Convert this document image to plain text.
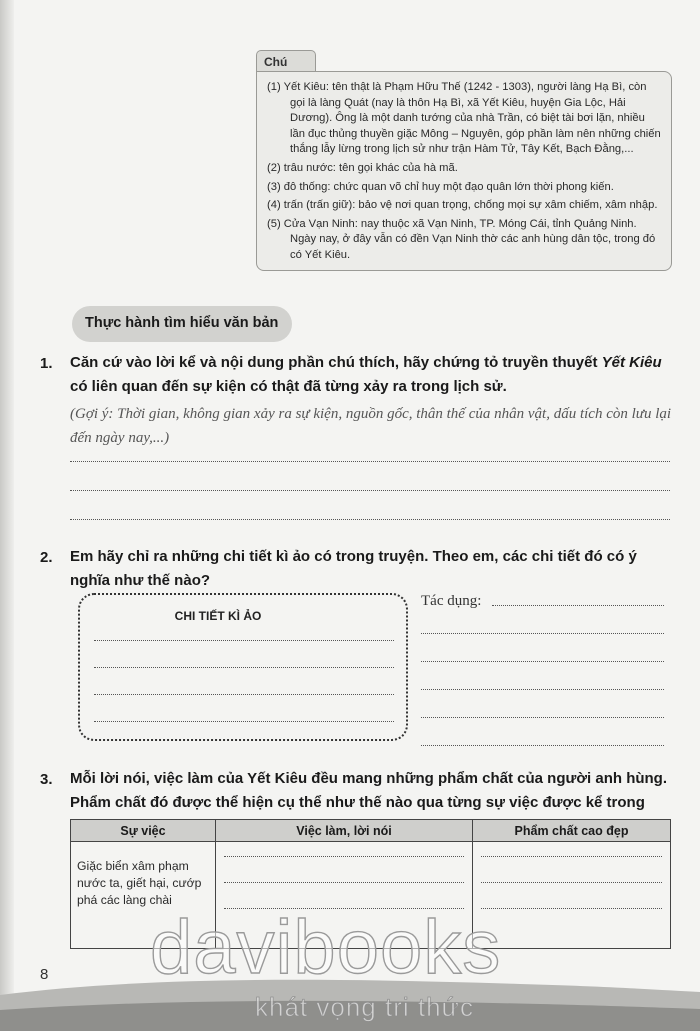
Chú

(1) Yết Kiêu: tên thật là Phạm Hữu Thế (1242 - 1303), người làng Hạ Bì, còn gọi là làng Quát (nay là thôn Hạ Bì, xã Yết Kiêu, huyện Gia Lộc, Hải Dương). Ông là một danh tướng của nhà Trần, có biệt tài bơi lặn, nhiều lần đục thủng thuyền giặc Mông – Nguyên, góp phần làm nên những chiến thắng lẫy lừng trong lịch sử như trận Hàm Tử, Tây Kết, Bạch Đằng,...

(2) trâu nước: tên gọi khác của hà mã.

(3) đô thống: chức quan võ chỉ huy một đạo quân lớn thời phong kiến.

(4) trấn (trấn giữ): bảo vệ nơi quan trọng, chống mọi sự xâm chiếm, xâm nhập.

(5) Cửa Vạn Ninh: nay thuộc xã Vạn Ninh, TP. Móng Cái, tỉnh Quảng Ninh. Ngày nay, ở đây vẫn có đền Vạn Ninh thờ các anh hùng dân tộc, trong đó có Yết Kiêu.

Thực hành tìm hiểu văn bản
1. Căn cứ vào lời kể và nội dung phần chú thích, hãy chứng tỏ truyền thuyết Yết Kiêu có liên quan đến sự kiện có thật đã từng xảy ra trong lịch sử.
(Gợi ý: Thời gian, không gian xảy ra sự kiện, nguồn gốc, thân thế của nhân vật, dấu tích còn lưu lại đến ngày nay,...)
2. Em hãy chỉ ra những chi tiết kì ảo có trong truyện. Theo em, các chi tiết đó có ý nghĩa như thế nào?
CHI TIẾT KÌ ẢO
Tác dụng:
3. Mỗi lời nói, việc làm của Yết Kiêu đều mang những phẩm chất của người anh hùng. Phẩm chất đó được thể hiện cụ thể như thế nào qua từng sự việc được kể trong
Sự việc	Việc làm, lời nói	Phẩm chất cao đẹp
Giặc biển xâm phạm nước ta, giết hại, cướp phá các làng chài	

8 davibooks
khát vọng tri thức
